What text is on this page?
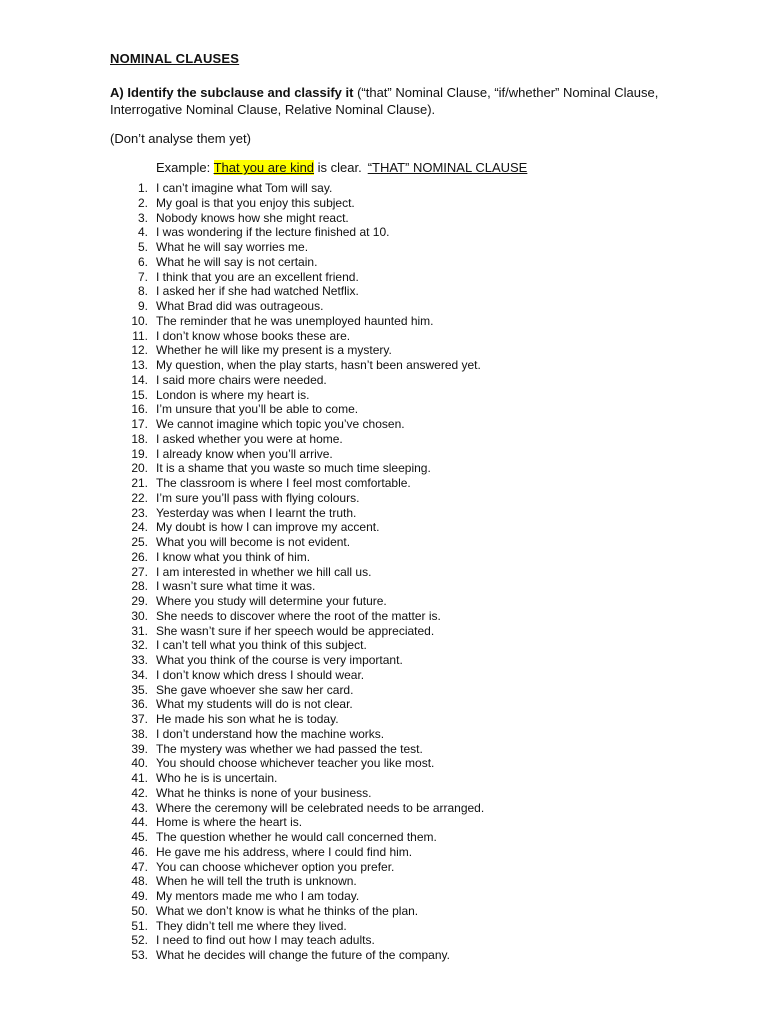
NOMINAL CLAUSES
A) Identify the subclause and classify it (“that” Nominal Clause, “if/whether” Nominal Clause, Interrogative Nominal Clause, Relative Nominal Clause).
(Don’t analyse them yet)
Example: That you are kind is clear. “THAT” NOMINAL CLAUSE
1. I can’t imagine what Tom will say.
2. My goal is that you enjoy this subject.
3. Nobody knows how she might react.
4. I was wondering if the lecture finished at 10.
5. What he will say worries me.
6. What he will say is not certain.
7. I think that you are an excellent friend.
8. I asked her if she had watched Netflix.
9. What Brad did was outrageous.
10. The reminder that he was unemployed haunted him.
11. I don’t know whose books these are.
12. Whether he will like my present is a mystery.
13. My question, when the play starts, hasn’t been answered yet.
14. I said more chairs were needed.
15. London is where my heart is.
16. I’m unsure that you’ll be able to come.
17. We cannot imagine which topic you’ve chosen.
18. I asked whether you were at home.
19. I already know when you’ll arrive.
20. It is a shame that you waste so much time sleeping.
21. The classroom is where I feel most comfortable.
22. I’m sure you’ll pass with flying colours.
23. Yesterday was when I learnt the truth.
24. My doubt is how I can improve my accent.
25. What you will become is not evident.
26. I know what you think of him.
27. I am interested in whether we hill call us.
28. I wasn’t sure what time it was.
29. Where you study will determine your future.
30. She needs to discover where the root of the matter is.
31. She wasn’t sure if her speech would be appreciated.
32. I can’t tell what you think of this subject.
33. What you think of the course is very important.
34. I don’t know which dress I should wear.
35. She gave whoever she saw her card.
36. What my students will do is not clear.
37. He made his son what he is today.
38. I don’t understand how the machine works.
39. The mystery was whether we had passed the test.
40. You should choose whichever teacher you like most.
41. Who he is is uncertain.
42. What he thinks is none of your business.
43. Where the ceremony will be celebrated needs to be arranged.
44. Home is where the heart is.
45. The question whether he would call concerned them.
46. He gave me his address, where I could find him.
47. You can choose whichever option you prefer.
48. When he will tell the truth is unknown.
49. My mentors made me who I am today.
50. What we don’t know is what he thinks of the plan.
51. They didn’t tell me where they lived.
52. I need to find out how I may teach adults.
53. What he decides will change the future of the company.
